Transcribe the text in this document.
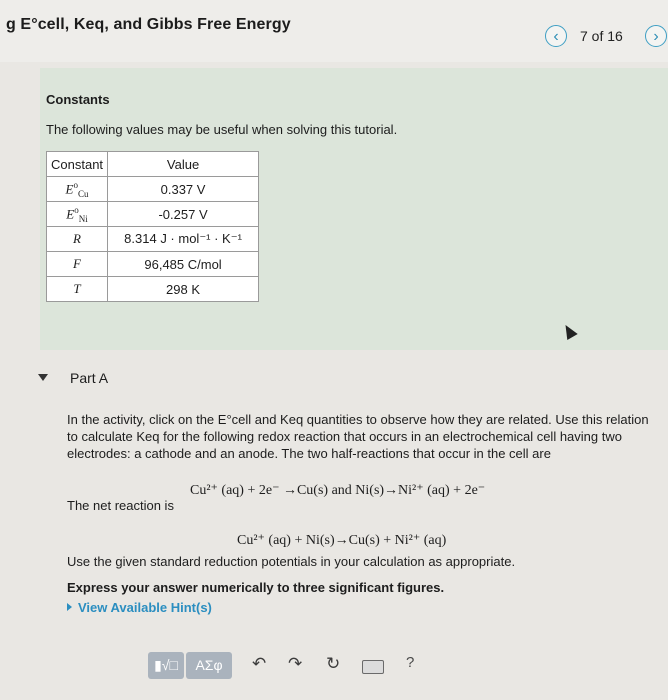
g E°cell, Keq, and Gibbs Free Energy
‹	7 of 16	›
Constants
The following values may be useful when solving this tutorial.
Constant	Value
$E^o_{Cu}$	0.337 V
$E^o_{Ni}$	-0.257 V
R	8.314 J · mol⁻¹ · K⁻¹
F	96,485 C/mol
T	298 K
Part A
In the activity, click on the E°cell and Keq quantities to observe how they are related. Use this relation to calculate Keq for the following redox reaction that occurs in an electrochemical cell having two electrodes: a cathode and an anode. The two half-reactions that occur in the cell are
Cu²⁺ (aq) + 2e⁻ →Cu(s) and Ni(s)→Ni²⁺ (aq) + 2e⁻
The net reaction is
Cu²⁺ (aq) + Ni(s)→Cu(s) + Ni²⁺ (aq)
Use the given standard reduction potentials in your calculation as appropriate.
Express your answer numerically to three significant figures.
View Available Hint(s)
▮√□	ΑΣφ	↶ ↷ ↻	?
